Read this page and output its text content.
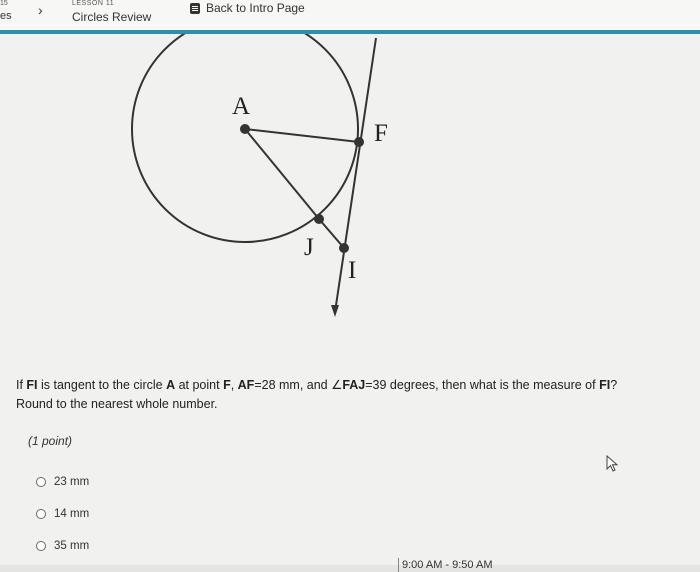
15
es ›	LESSON 11
Circles Review
Back to Intro Page
A
F
J
I
If FI is tangent to the circle A at point F, AF=28 mm, and ∠FAJ=39 degrees, then what is the measure of FI?
Round to the nearest whole number.
(1 point)
23 mm
14 mm
35 mm
9:00 AM - 9:50 AM
